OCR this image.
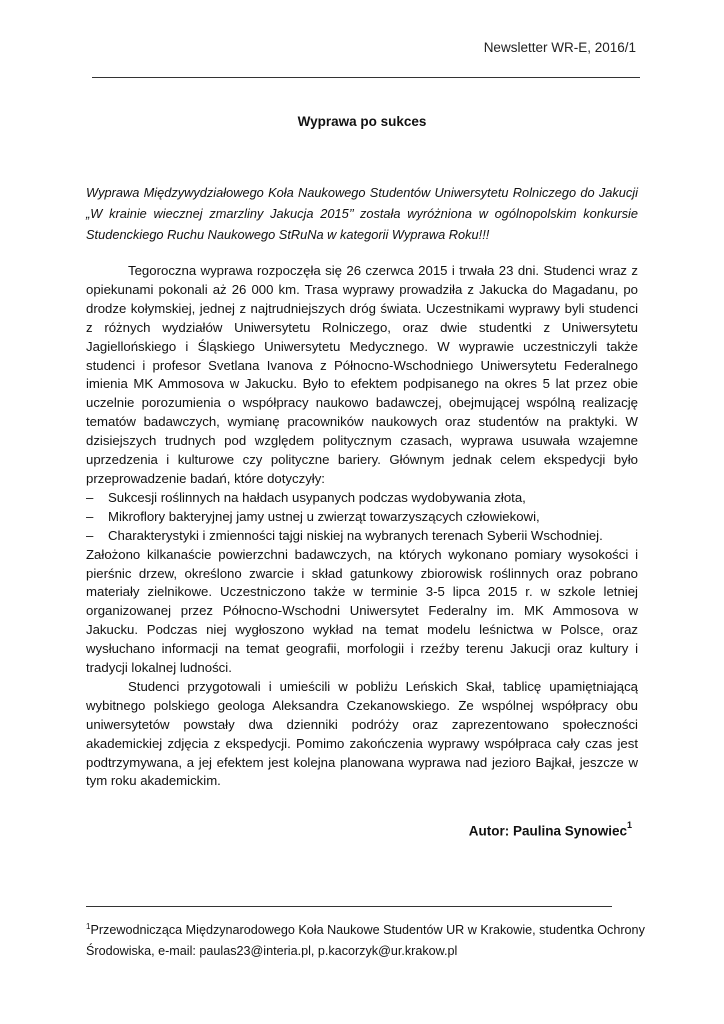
Newsletter WR-E, 2016/1
Wyprawa po sukces
Wyprawa Międzywydziałowego Koła Naukowego Studentów Uniwersytetu Rolniczego do Jakucji „W krainie wiecznej zmarzliny Jakucja 2015’’ została wyróżniona w ogólnopolskim konkursie Studenckiego Ruchu Naukowego StRuNa w kategorii Wyprawa Roku!!!

Tegoroczna wyprawa rozpoczęła się 26 czerwca 2015 i trwała 23 dni. Studenci wraz z opiekunami pokonali aż 26 000 km. Trasa wyprawy prowadziła z Jakucka do Magadanu, po drodze kołymskiej, jednej z najtrudniejszych dróg świata. Uczestnikami wyprawy byli studenci z różnych wydziałów Uniwersytetu Rolniczego, oraz dwie studentki z Uniwersytetu Jagiellońskiego i Śląskiego Uniwersytetu Medycznego. W wyprawie uczestniczyli także studenci i profesor Svetlana Ivanova z Północno-Wschodniego Uniwersytetu Federalnego imienia MK Ammosova w Jakucku. Było to efektem podpisanego na okres 5 lat przez obie uczelnie porozumienia o współpracy naukowo badawczej, obejmującej wspólną realizację tematów badawczych, wymianę pracowników naukowych oraz studentów na praktyki. W dzisiejszych trudnych pod względem politycznym czasach, wyprawa usuwała wzajemne uprzedzenia i kulturowe czy polityczne bariery. Głównym jednak celem ekspedycji było przeprowadzenie badań, które dotyczyły:

– Sukcesji roślinnych na hałdach usypanych podczas wydobywania złota,
– Mikroflory bakteryjnej jamy ustnej u zwierząt towarzyszących człowiekowi,
– Charakterystyki i zmienności tajgi niskiej na wybranych terenach Syberii Wschodniej.

Założono kilkanaście powierzchni badawczych, na których wykonano pomiary wysokości i pierśnic drzew, określono zwarcie i skład gatunkowy zbiorowisk roślinnych oraz pobrano materiały zielnikowe. Uczestniczono także w terminie 3-5 lipca 2015 r. w szkole letniej organizowanej przez Północno-Wschodni Uniwersytet Federalny im. MK Ammosova w Jakucku. Podczas niej wygłoszono wykład na temat modelu leśnictwa w Polsce, oraz wysłuchano informacji na temat geografii, morfologii i rzeźby terenu Jakucji oraz kultury i tradycji lokalnej ludności.

Studenci przygotowali i umieścili w pobliżu Leńskich Skał, tablicę upamiętniającą wybitnego polskiego geologa Aleksandra Czekanowskiego. Ze wspólnej współpracy obu uniwersytetów powstały dwa dzienniki podróży oraz zaprezentowano społeczności akademickiej zdjęcia z ekspedycji. Pomimo zakończenia wyprawy współpraca cały czas jest podtrzymywana, a jej efektem jest kolejna planowana wyprawa nad jezioro Bajkał, jeszcze w tym roku akademickim.

Autor: Paulina Synowiec$^1$
$^1$Przewodnicząca Międzynarodowego Koła Naukowe Studentów UR w Krakowie, studentka Ochrony Środowiska, e-mail: paulas23@interia.pl, p.kacorzyk@ur.krakow.pl
